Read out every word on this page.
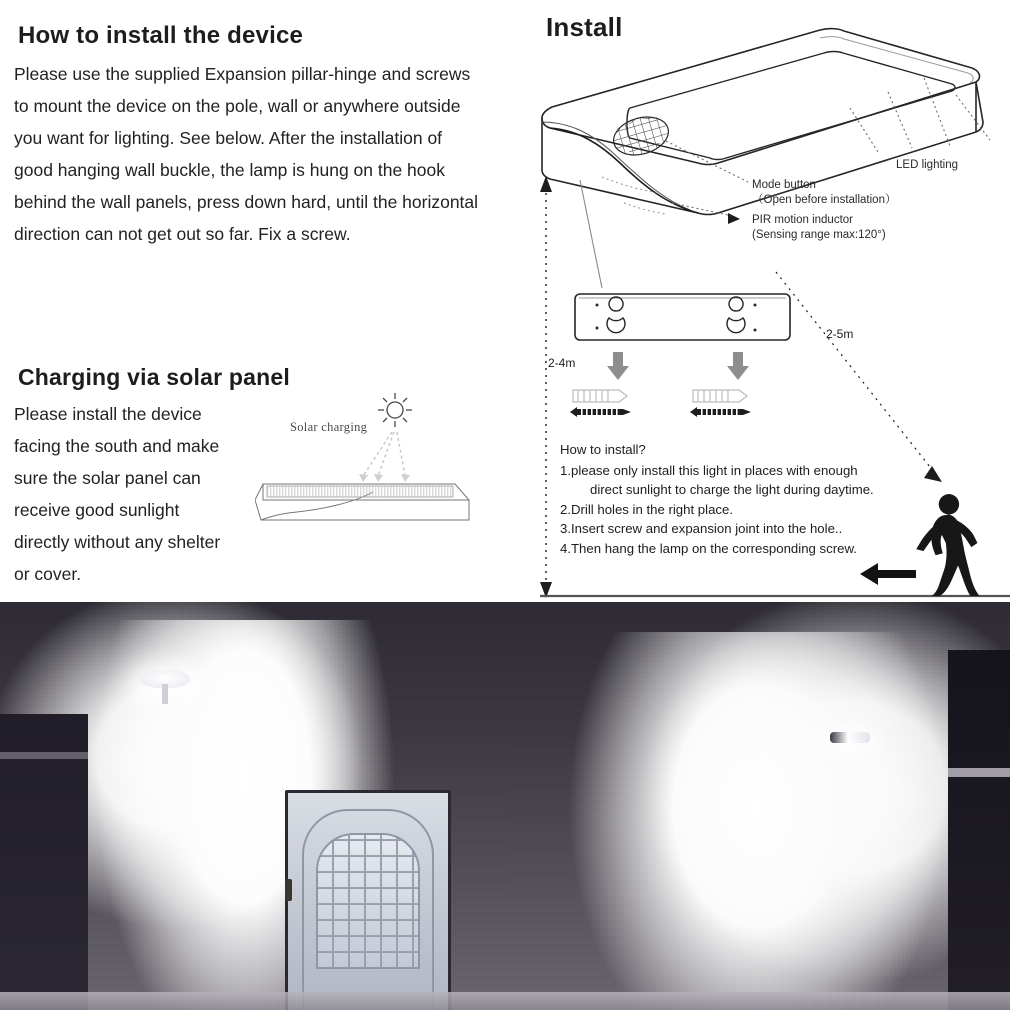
How to install the device
Please use the supplied Expansion pillar-hinge and screws to mount the device on the pole, wall or anywhere outside you want for lighting. See below. After the installation of good hanging wall buckle, the lamp is hung on the hook behind the wall panels, press down hard, until the horizontal direction can not get out so far. Fix a screw.
Charging via solar panel
Please install the device facing the south and make sure the solar panel can receive good sunlight directly without any shelter or cover.
Solar charging
Install
LED lighting
Mode button
（Open before installation）
PIR motion inductor
(Sensing range max:120°)
2-4m
2-5m
How to install?
1.please only install this light in places with enough
direct sunlight to charge the light during daytime.
2.Drill holes in the right place.
3.Insert screw and expansion joint into the hole..
4.Then hang the lamp on the corresponding screw.
